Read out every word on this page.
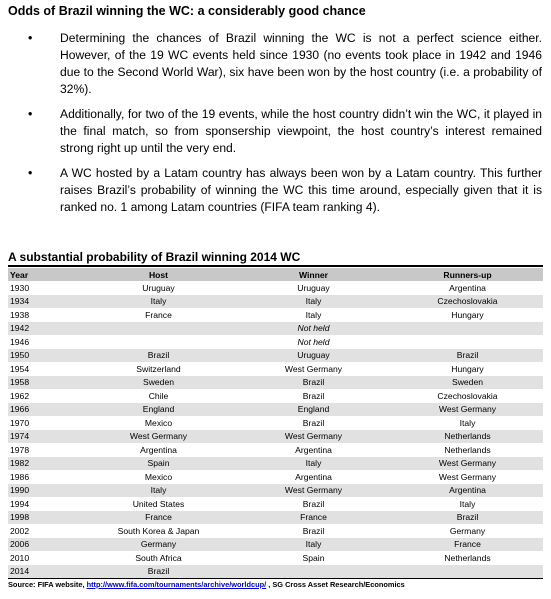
Odds of Brazil winning the WC: a considerably good chance
• Determining the chances of Brazil winning the WC is not a perfect science either. However, of the 19 WC events held since 1930 (no events took place in 1942 and 1946 due to the Second World War), six have been won by the host country (i.e. a probability of 32%).
• Additionally, for two of the 19 events, while the host country didn’t win the WC, it played in the final match, so from sponsership viewpoint, the host country’s interest remained strong right up until the very end.
• A WC hosted by a Latam country has always been won by a Latam country. This further raises Brazil’s probability of winning the WC this time around, especially given that it is ranked no. 1 among Latam countries (FIFA team ranking 4).
A substantial probability of Brazil winning 2014 WC
Year	Host	Winner	Runners-up
1930	Uruguay	Uruguay	Argentina
1934	Italy	Italy	Czechoslovakia
1938	France	Italy	Hungary
1942		Not held	
1946		Not held	
1950	Brazil	Uruguay	Brazil
1954	Switzerland	West Germany	Hungary
1958	Sweden	Brazil	Sweden
1962	Chile	Brazil	Czechoslovakia
1966	England	England	West Germany
1970	Mexico	Brazil	Italy
1974	West Germany	West Germany	Netherlands
1978	Argentina	Argentina	Netherlands
1982	Spain	Italy	West Germany
1986	Mexico	Argentina	West Germany
1990	Italy	West Germany	Argentina
1994	United States	Brazil	Italy
1998	France	France	Brazil
2002	South Korea & Japan	Brazil	Germany
2006	Germany	Italy	France
2010	South Africa	Spain	Netherlands
2014	Brazil		
Source: FIFA website, http://www.fifa.com/tournaments/archive/worldcup/ , SG Cross Asset Research/Economics
